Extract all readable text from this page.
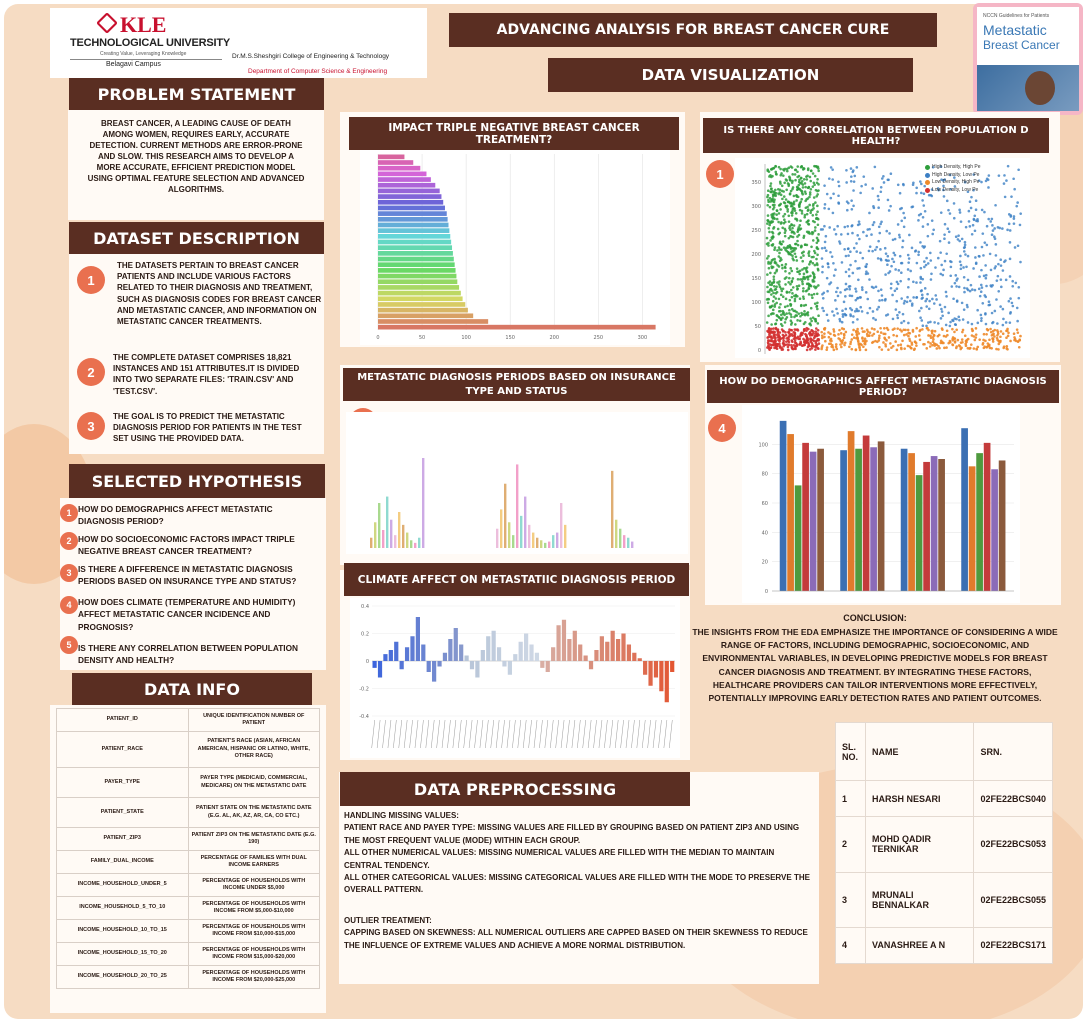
KLE
TECHNOLOGICAL UNIVERSITY
Creating Value, Leveraging Knowledge
Belagavi Campus
Dr.M.S.Sheshgiri College of Engineering & Technology
Department of Computer Science & Engineering
ADVANCING ANALYSIS FOR BREAST CANCER CURE
DATA VISUALIZATION
NCCN Guidelines for Patients
Metastatic
Breast Cancer
PROBLEM STATEMENT
BREAST CANCER, A LEADING CAUSE OF DEATH AMONG WOMEN, REQUIRES EARLY, ACCURATE DETECTION. CURRENT METHODS ARE ERROR-PRONE AND SLOW. THIS RESEARCH AIMS TO DEVELOP A MORE ACCURATE, EFFICIENT PREDICTION MODEL USING OPTIMAL FEATURE SELECTION AND ADVANCED ALGORITHMS.
DATASET DESCRIPTION
1
THE DATASETS PERTAIN TO BREAST CANCER PATIENTS AND INCLUDE VARIOUS FACTORS RELATED TO THEIR DIAGNOSIS AND TREATMENT, SUCH AS DIAGNOSIS CODES FOR BREAST CANCER AND METASTATIC CANCER, AND INFORMATION ON METASTATIC CANCER TREATMENTS.
2
THE COMPLETE DATASET COMPRISES 18,821 INSTANCES AND 151 ATTRIBUTES.IT IS DIVIDED INTO TWO SEPARATE FILES: 'TRAIN.CSV' AND 'TEST.CSV'.
3
THE GOAL IS TO PREDICT THE METASTATIC DIAGNOSIS PERIOD FOR PATIENTS IN THE TEST SET USING THE PROVIDED DATA.
SELECTED HYPOTHESIS
1 HOW DO DEMOGRAPHICS AFFECT METASTATIC DIAGNOSIS PERIOD?
2 HOW DO SOCIOECONOMIC FACTORS IMPACT TRIPLE NEGATIVE BREAST CANCER TREATMENT?
3 IS THERE A DIFFERENCE IN METASTATIC DIAGNOSIS PERIODS BASED ON INSURANCE TYPE AND STATUS?
4 HOW DOES CLIMATE (TEMPERATURE AND HUMIDITY) AFFECT METASTATIC CANCER INCIDENCE AND PROGNOSIS?
5 IS THERE ANY CORRELATION BETWEEN POPULATION DENSITY AND HEALTH?
DATA INFO
PATIENT_ID	UNIQUE IDENTIFICATION NUMBER OF PATIENT
PATIENT_RACE	PATIENT'S RACE (ASIAN, AFRICAN AMERICAN, HISPANIC OR LATINO, WHITE, OTHER RACE)
PAYER_TYPE	PAYER TYPE (MEDICAID, COMMERCIAL, MEDICARE) ON THE METASTATIC DATE
PATIENT_STATE	PATIENT STATE ON THE METASTATIC DATE (E.G. AL, AK, AZ, AR, CA, CO ETC.)
PATIENT_ZIP3	PATIENT ZIP3 ON THE METASTATIC DATE (E.G. 190)
FAMILY_DUAL_INCOME	PERCENTAGE OF FAMILIES WITH DUAL INCOME EARNERS
INCOME_HOUSEHOLD_UNDER_5	PERCENTAGE OF HOUSEHOLDS WITH INCOME UNDER $5,000
INCOME_HOUSEHOLD_5_TO_10	PERCENTAGE OF HOUSEHOLDS WITH INCOME FROM $5,000-$10,000
INCOME_HOUSEHOLD_10_TO_15	PERCENTAGE OF HOUSEHOLDS WITH INCOME FROM $10,000-$15,000
INCOME_HOUSEHOLD_15_TO_20	PERCENTAGE OF HOUSEHOLDS WITH INCOME FROM $15,000-$20,000
INCOME_HOUSEHOLD_20_TO_25	PERCENTAGE OF HOUSEHOLDS WITH INCOME FROM $20,000-$25,000
IMPACT TRIPLE NEGATIVE BREAST CANCER TREATMENT?
0	50	100	150	200	250	300
IS THERE ANY CORRELATION BETWEEN POPULATION D HEALTH?
1
0
50
100
150
200
250
300
350
High Density, High Pe
High Density, Low Pe
Low Density, High Pe
Low Density, Low Pe
METASTATIC DIAGNOSIS PERIODS BASED ON INSURANCE TYPE AND STATUS
HOW DO DEMOGRAPHICS AFFECT METASTATIC DIAGNOSIS PERIOD?
4
0
20
40
60
80
100
CLIMATE AFFECT ON METASTATIIC DIAGNOSIS PERIOD
-0.4
-0.2
0
0.2
0.4
CONCLUSION:
THE INSIGHTS FROM THE EDA EMPHASIZE THE IMPORTANCE OF CONSIDERING A WIDE RANGE OF FACTORS, INCLUDING DEMOGRAPHIC, SOCIOECONOMIC, AND ENVIRONMENTAL VARIABLES, IN DEVELOPING PREDICTIVE MODELS FOR BREAST CANCER DIAGNOSIS AND TREATMENT. BY INTEGRATING THESE FACTORS, HEALTHCARE PROVIDERS CAN TAILOR INTERVENTIONS MORE EFFECTIVELY, POTENTIALLY IMPROVING EARLY DETECTION RATES AND PATIENT OUTCOMES.
SL. NO.	NAME	SRN.
1	HARSH NESARI	02FE22BCS040
2	MOHD QADIR TERNIKAR	02FE22BCS053
3	MRUNALI BENNALKAR	02FE22BCS055
4	VANASHREE A N	02FE22BCS171
DATA PREPROCESSING
HANDLING MISSING VALUES:
PATIENT RACE AND PAYER TYPE: MISSING VALUES ARE FILLED BY GROUPING BASED ON PATIENT ZIP3 AND USING THE MOST FREQUENT VALUE (MODE) WITHIN EACH GROUP.
ALL OTHER NUMERICAL VALUES: MISSING NUMERICAL VALUES ARE FILLED WITH THE MEDIAN TO MAINTAIN CENTRAL TENDENCY.
ALL OTHER CATEGORICAL VALUES: MISSING CATEGORICAL VALUES ARE FILLED WITH THE MODE TO PRESERVE THE OVERALL PATTERN.
OUTLIER TREATMENT:
CAPPING BASED ON SKEWNESS: ALL NUMERICAL OUTLIERS ARE CAPPED BASED ON THEIR SKEWNESS TO REDUCE THE INFLUENCE OF EXTREME VALUES AND ACHIEVE A MORE NORMAL DISTRIBUTION.
